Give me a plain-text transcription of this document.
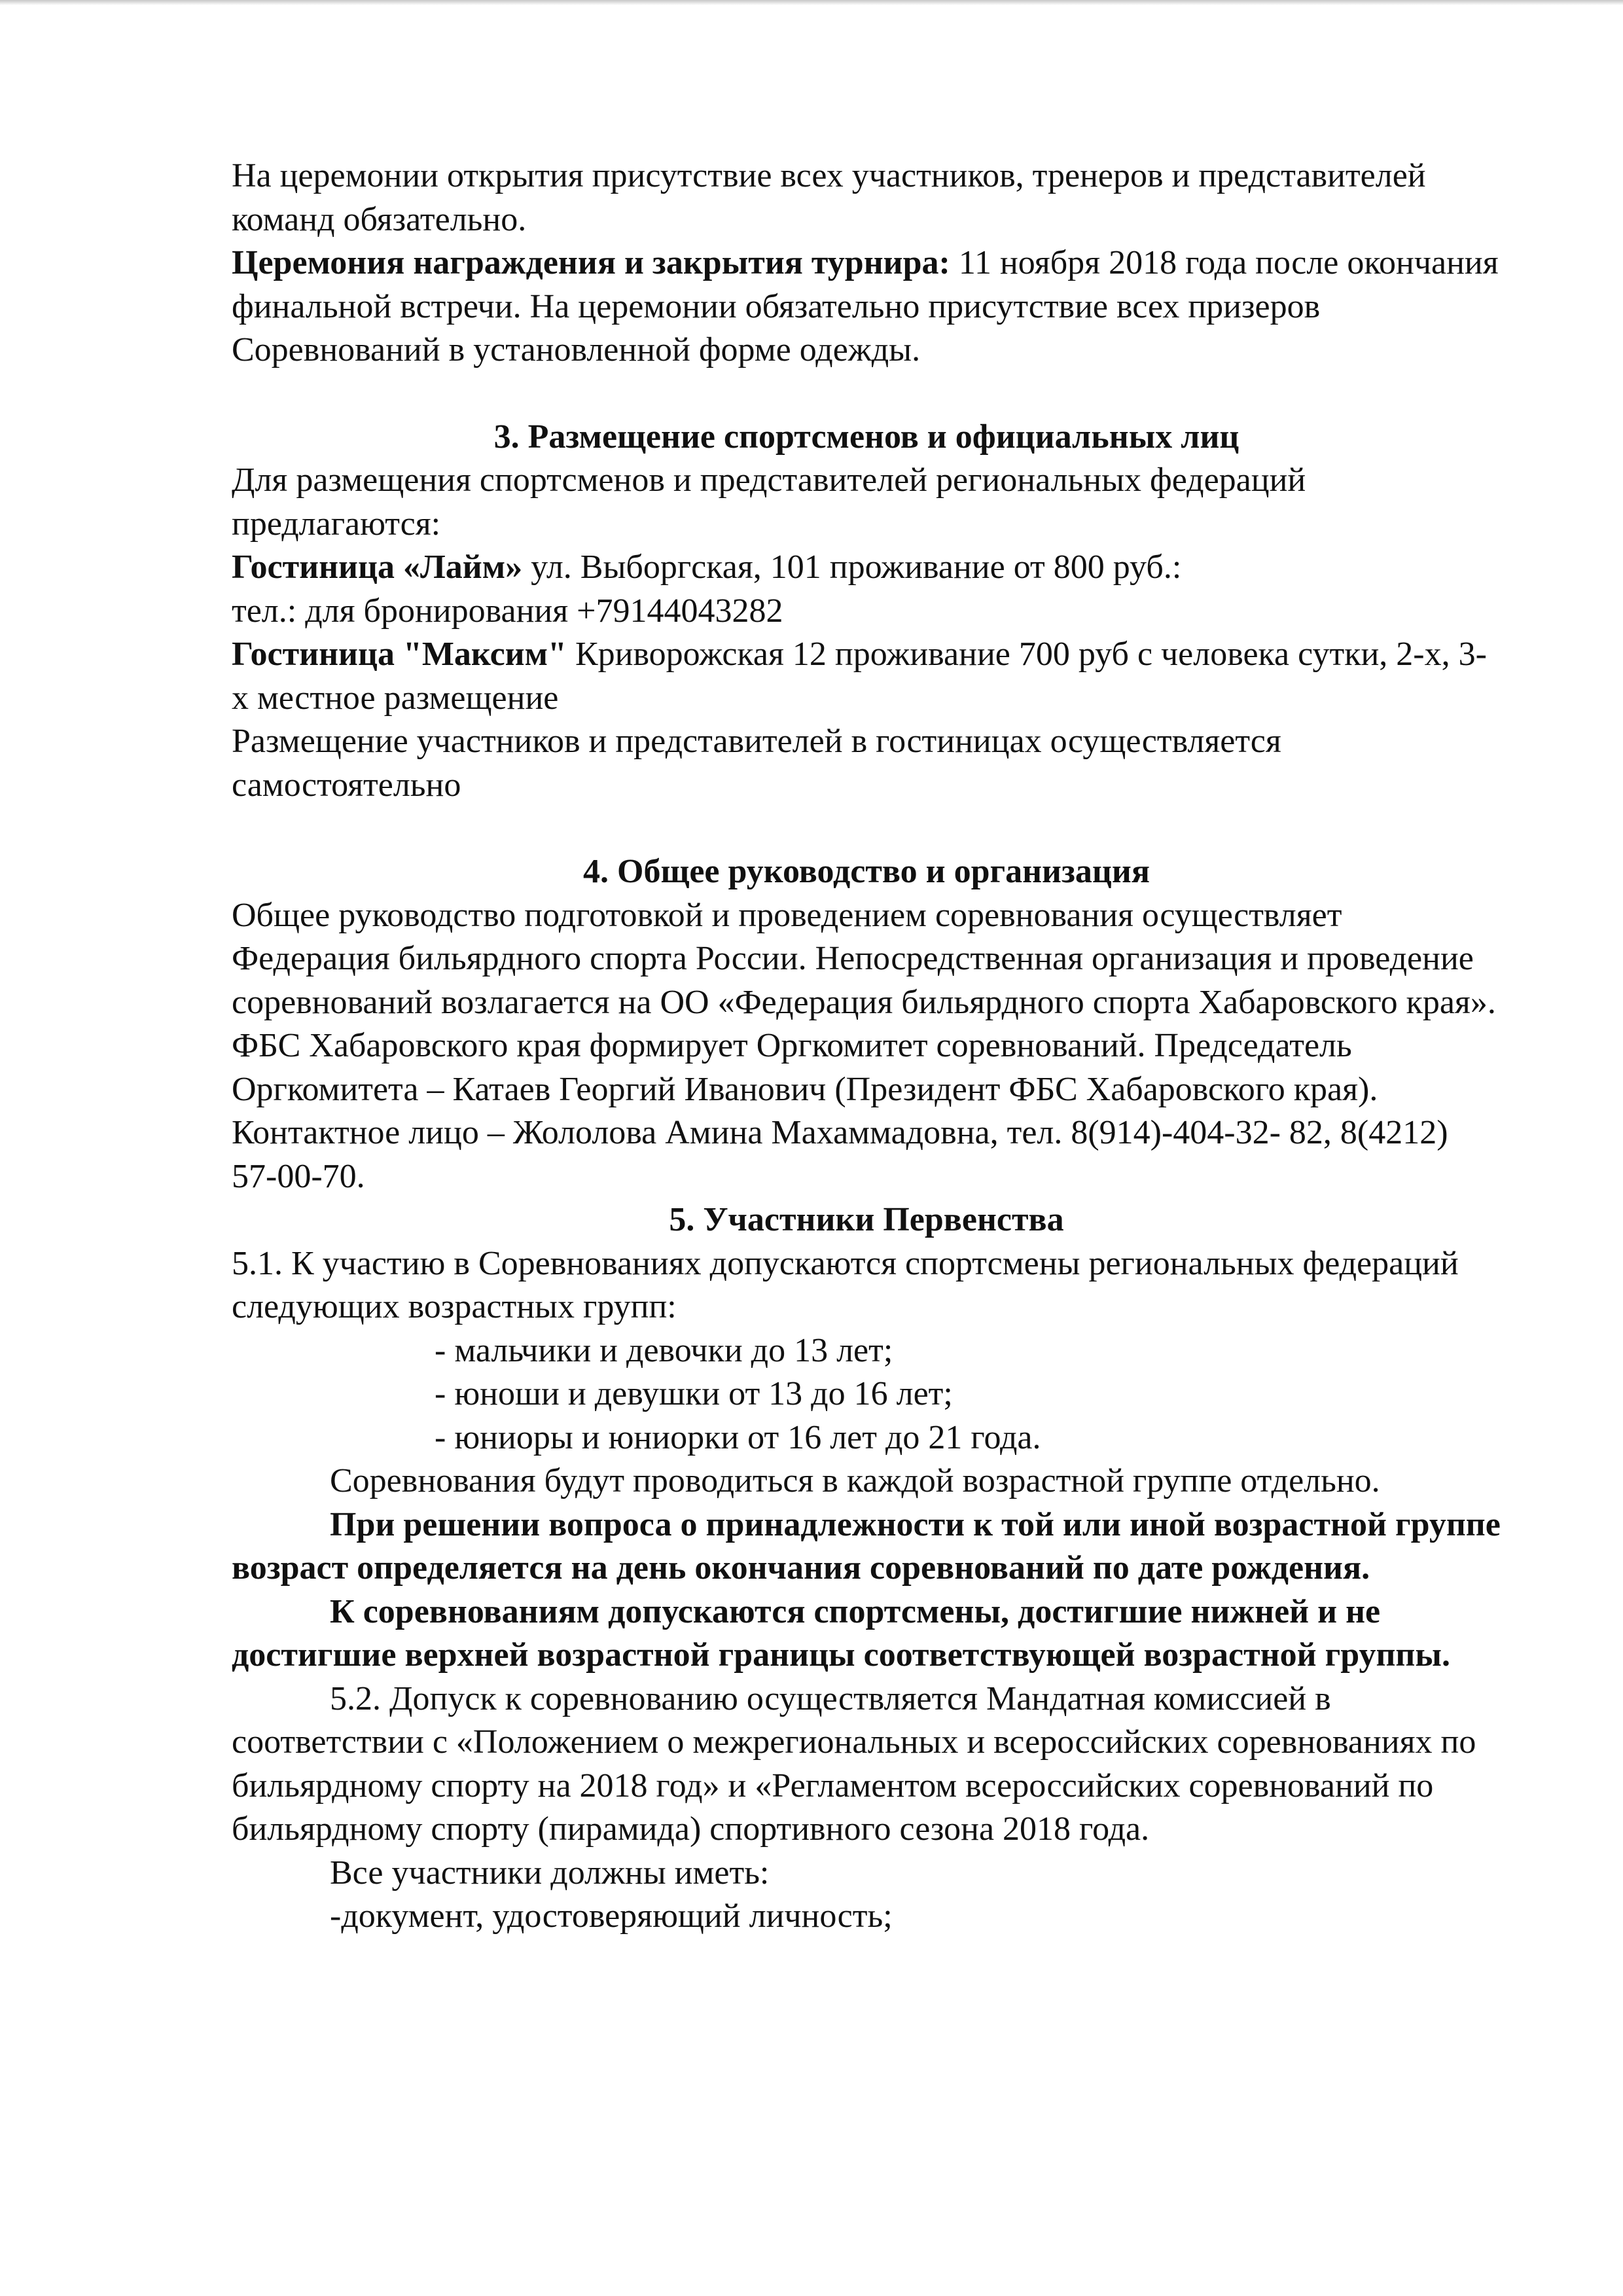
На церемонии открытия присутствие всех участников, тренеров и представителей команд обязательно.

Церемония награждения и закрытия турнира: 11 ноября 2018 года после окончания финальной встречи. На церемонии обязательно присутствие всех призеров Соревнований в установленной форме одежды.

3. Размещение спортсменов и официальных лиц

Для размещения спортсменов и представителей региональных федераций предлагаются:

Гостиница «Лайм» ул. Выборгская, 101 проживание от 800 руб.:

тел.: для бронирования +79144043282

Гостиница "Максим" Криворожская 12 проживание 700 руб с человека сутки, 2-х, 3-х местное размещение

Размещение участников и представителей в гостиницах осуществляется самостоятельно

4. Общее руководство и организация

Общее руководство подготовкой и проведением соревнования осуществляет Федерация бильярдного спорта России. Непосредственная организация и проведение соревнований возлагается на ОО «Федерация бильярдного спорта Хабаровского края». ФБС Хабаровского края формирует Оргкомитет соревнований. Председатель Оргкомитета – Катаев Георгий Иванович (Президент ФБС Хабаровского края). Контактное лицо – Жололова Амина Махаммадовна, тел. 8(914)-404-32- 82, 8(4212) 57-00-70.

5. Участники Первенства

5.1. К участию в Соревнованиях допускаются спортсмены региональных федераций следующих возрастных групп:

- мальчики и девочки до 13 лет;

- юноши и девушки от 13 до 16 лет;

- юниоры и юниорки от 16 лет до 21 года.

Соревнования будут проводиться в каждой возрастной группе отдельно.

При решении вопроса о принадлежности к той или иной возрастной группе возраст определяется на день окончания соревнований по дате рождения.

К соревнованиям допускаются спортсмены, достигшие нижней и не достигшие верхней возрастной границы соответствующей возрастной группы.

5.2. Допуск к соревнованию осуществляется Мандатная комиссией в соответствии с «Положением о межрегиональных и всероссийских соревнованиях по бильярдному спорту на 2018 год» и «Регламентом всероссийских соревнований по бильярдному спорту (пирамида) спортивного сезона 2018 года.

Все участники должны иметь:

-документ, удостоверяющий личность;
